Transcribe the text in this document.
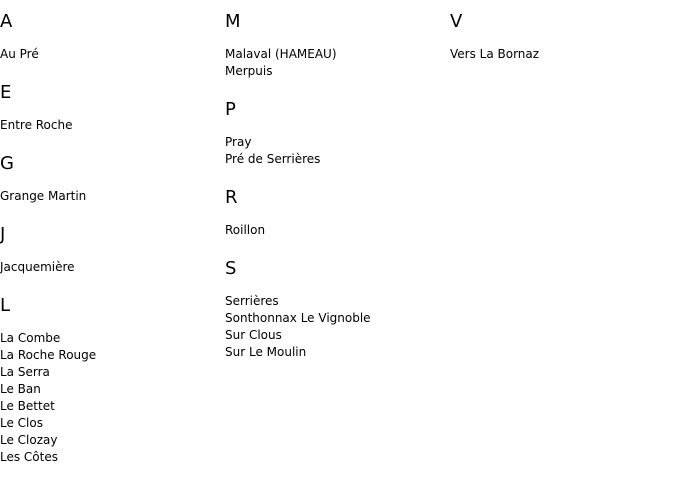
A
Au Pré
E
Entre Roche
G
Grange Martin
J
Jacquemière
L
La Combe
La Roche Rouge
La Serra
Le Ban
Le Bettet
Le Clos
Le Clozay
Les Côtes
M
Malaval (HAMEAU)
Merpuis
P
Pray
Pré de Serrières
R
Roillon
S
Serrières
Sonthonnax Le Vignoble
Sur Clous
Sur Le Moulin
V
Vers La Bornaz
